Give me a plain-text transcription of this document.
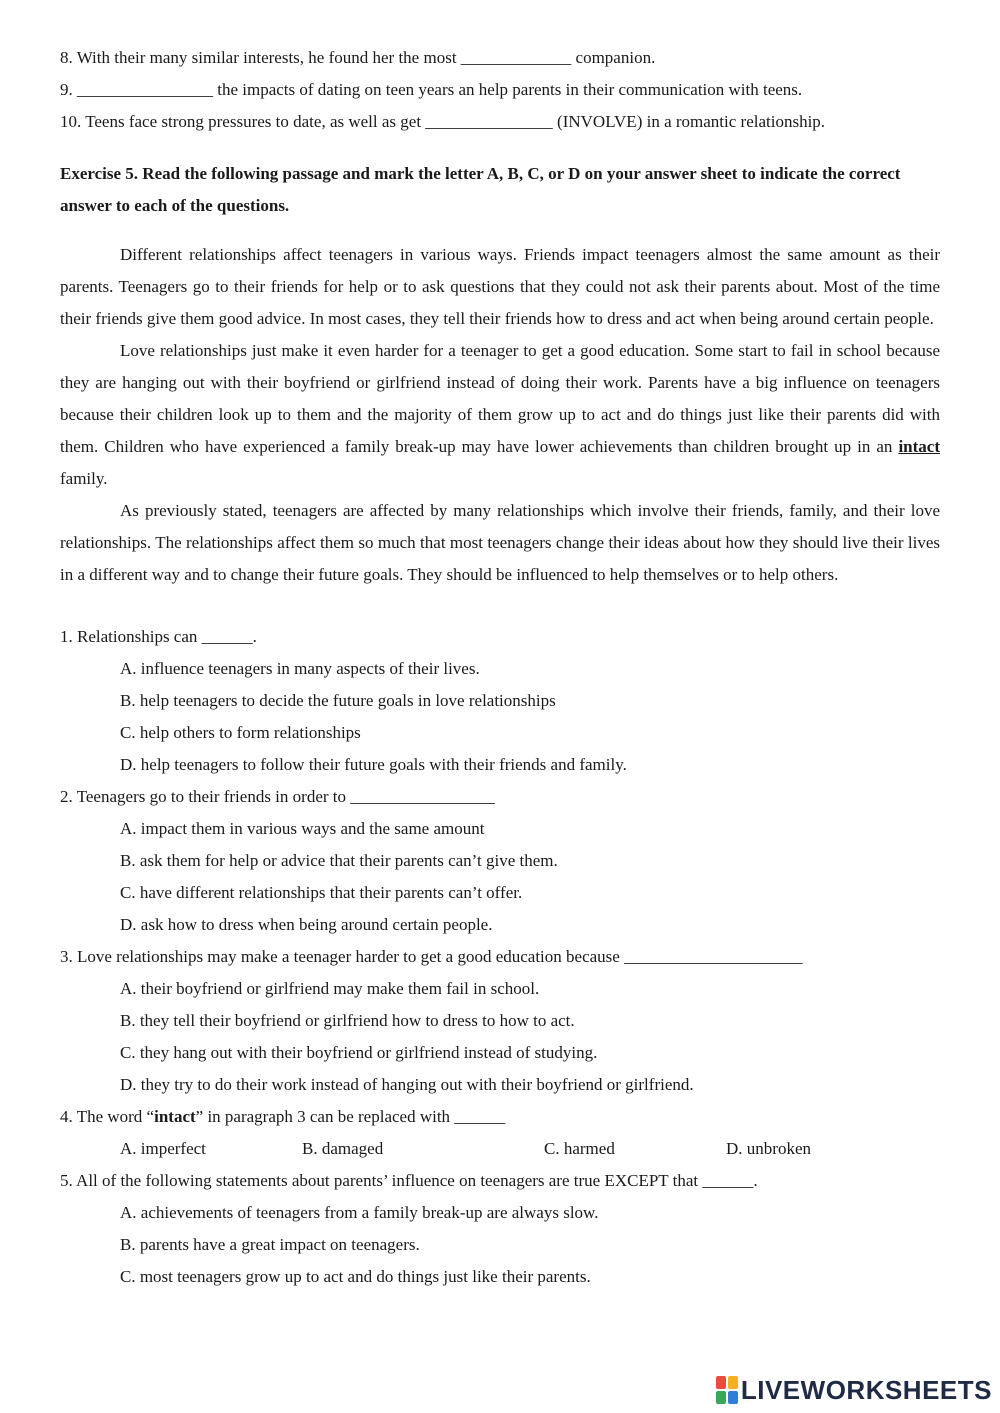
8. With their many similar interests, he found her the most _____________ companion.

9. ________________ the impacts of dating on teen years an help parents in their communication with teens.

10. Teens face strong pressures to date, as well as get _______________ (INVOLVE) in a romantic relationship.

Exercise 5. Read the following passage and mark the letter A, B, C, or D on your answer sheet to indicate the correct answer to each of the questions.

Different relationships affect teenagers in various ways. Friends impact teenagers almost the same amount as their parents. Teenagers go to their friends for help or to ask questions that they could not ask their parents about. Most of the time their friends give them good advice. In most cases, they tell their friends how to dress and act when being around certain people.

Love relationships just make it even harder for a teenager to get a good education. Some start to fail in school because they are hanging out with their boyfriend or girlfriend instead of doing their work. Parents have a big influence on teenagers because their children look up to them and the majority of them grow up to act and do things just like their parents did with them. Children who have experienced a family break-up may have lower achievements than children brought up in an intact family.

As previously stated, teenagers are affected by many relationships which involve their friends, family, and their love relationships. The relationships affect them so much that most teenagers change their ideas about how they should live their lives in a different way and to change their future goals. They should be influenced to help themselves or to help others.

1. Relationships can ______.

A. influence teenagers in many aspects of their lives.

B. help teenagers to decide the future goals in love relationships

C. help others to form relationships

D. help teenagers to follow their future goals with their friends and family.

2. Teenagers go to their friends in order to _________________

A. impact them in various ways and the same amount

B. ask them for help or advice that their parents can’t give them.

C. have different relationships that their parents can’t offer.

D. ask how to dress when being around certain people.

3. Love relationships may make a teenager harder to get a good education because _____________________

A. their boyfriend or girlfriend may make them fail in school.

B. they tell their boyfriend or girlfriend how to dress to how to act.

C. they hang out with their boyfriend or girlfriend instead of studying.

D. they try to do their work instead of hanging out with their boyfriend or girlfriend.

4. The word “intact” in paragraph 3 can be replaced with ______

A. imperfect	B. damaged	C. harmed	D. unbroken

5. All of the following statements about parents’ influence on teenagers are true EXCEPT that ______.

A. achievements of teenagers from a family break-up are always slow.

B. parents have a great impact on teenagers.

C. most teenagers grow up to act and do things just like their parents.

LIVEWORKSHEETS
